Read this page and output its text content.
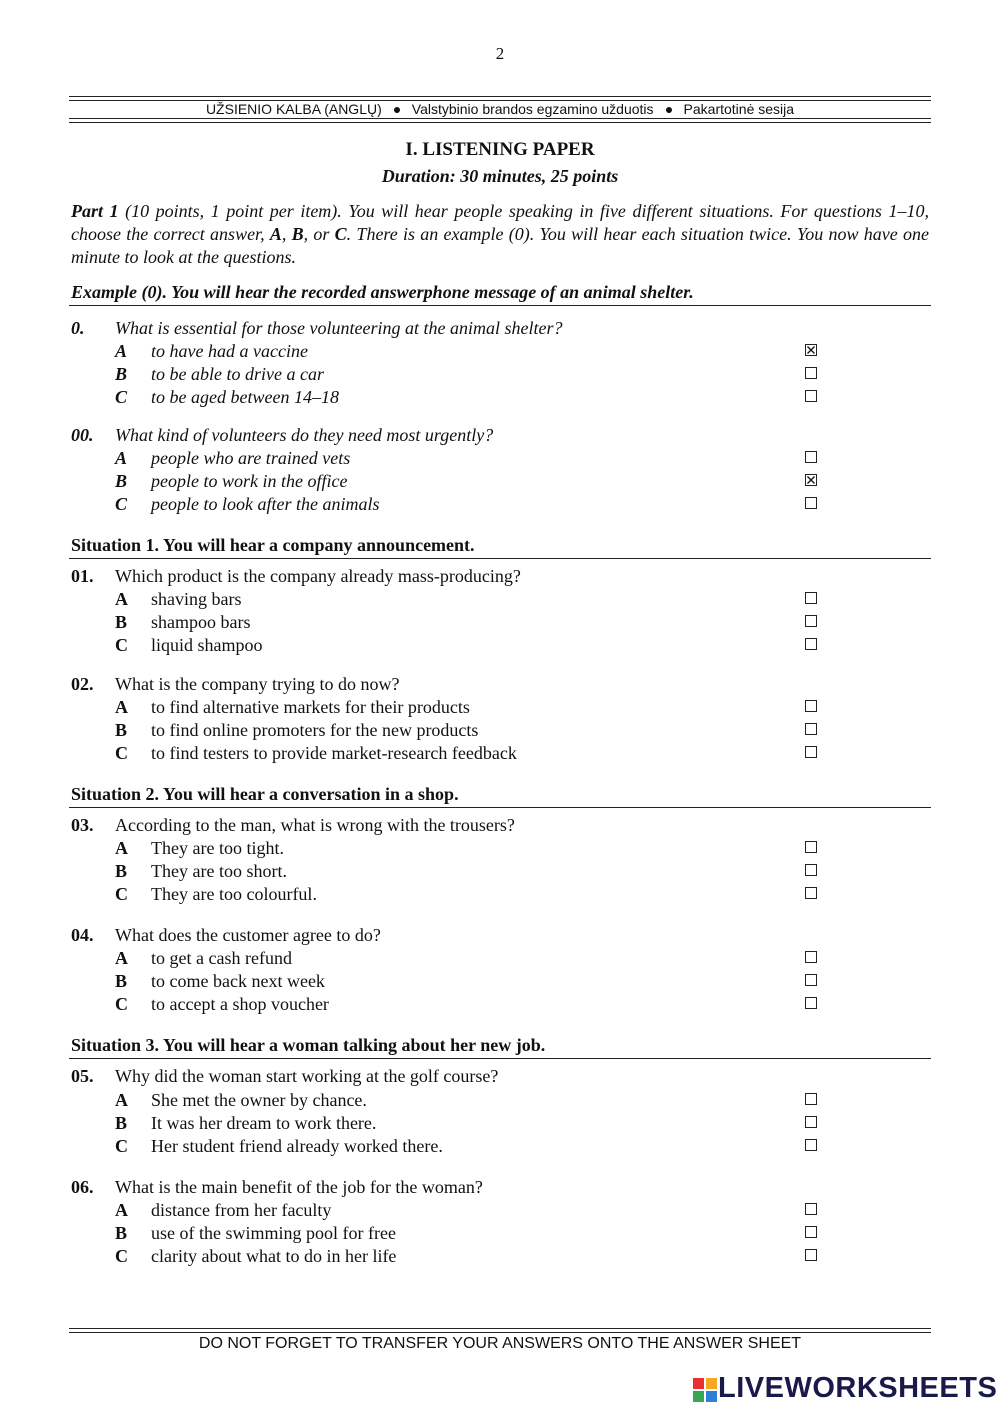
2
UŽSIENIO KALBA (ANGLŲ) Valstybinio brandos egzamino užduotis Pakartotinė sesija
I. LISTENING PAPER
Duration: 30 minutes, 25 points
Part 1 (10 points, 1 point per item). You will hear people speaking in five different situations. For questions 1–10, choose the correct answer, A, B, or C. There is an example (0). You will hear each situation twice. You now have one minute to look at the questions.
Example (0). You will hear the recorded answerphone message of an animal shelter.
0. What is essential for those volunteering at the animal shelter?
A to have had a vaccine
B to be able to drive a car
C to be aged between 14–18
00. What kind of volunteers do they need most urgently?
A people who are trained vets
B people to work in the office
C people to look after the animals
Situation 1. You will hear a company announcement.
01. Which product is the company already mass-producing?
A shaving bars
B shampoo bars
C liquid shampoo
02. What is the company trying to do now?
A to find alternative markets for their products
B to find online promoters for the new products
C to find testers to provide market-research feedback
Situation 2. You will hear a conversation in a shop.
03. According to the man, what is wrong with the trousers?
A They are too tight.
B They are too short.
C They are too colourful.
04. What does the customer agree to do?
A to get a cash refund
B to come back next week
C to accept a shop voucher
Situation 3. You will hear a woman talking about her new job.
05. Why did the woman start working at the golf course?
A She met the owner by chance.
B It was her dream to work there.
C Her student friend already worked there.
06. What is the main benefit of the job for the woman?
A distance from her faculty
B use of the swimming pool for free
C clarity about what to do in her life
DO NOT FORGET TO TRANSFER YOUR ANSWERS ONTO THE ANSWER SHEET
LIVEWORKSHEETS
